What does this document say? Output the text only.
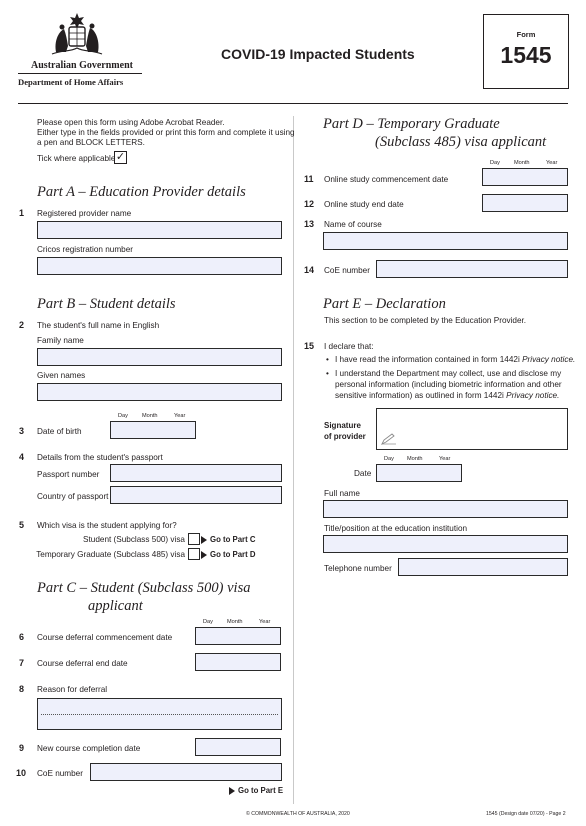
Australian Government
Department of Home Affairs
COVID-19 Impacted Students
Form
1545
Please open this form using Adobe Acrobat Reader.
Either type in the fields provided or print this form and complete it using
a pen and BLOCK LETTERS.
Tick where applicable ✓
Part A – Education Provider details
1 Registered provider name
Cricos registration number
Part B – Student details
2 The student's full name in English
Family name
Given names
Day	Month	Year
3 Date of birth
4 Details from the student's passport
Passport number
Country of passport
5 Which visa is the student applying for?
Student (Subclass 500) visa	Go to Part C
Temporary Graduate (Subclass 485) visa	Go to Part D
Part C – Student (Subclass 500) visa
applicant
Day	Month	Year
6 Course deferral commencement date
7 Course deferral end date
8 Reason for deferral
9 New course completion date
10 CoE number
Go to Part E
Part D – Temporary Graduate
(Subclass 485) visa applicant
Day	Month	Year
11 Online study commencement date
12 Online study end date
13 Name of course
14 CoE number
Part E – Declaration
This section to be completed by the Education Provider.
15 I declare that:
• I have read the information contained in form 1442i Privacy notice.
• I understand the Department may collect, use and disclose my
personal information (including biometric information and other
sensitive information) as outlined in form 1442i Privacy notice.
Signature
of provider
Day Month	Year
Date
Full name
Title/position at the education institution
Telephone number
© COMMONWEALTH OF AUSTRALIA, 2020	1545 (Design date 07/20) - Page 2
